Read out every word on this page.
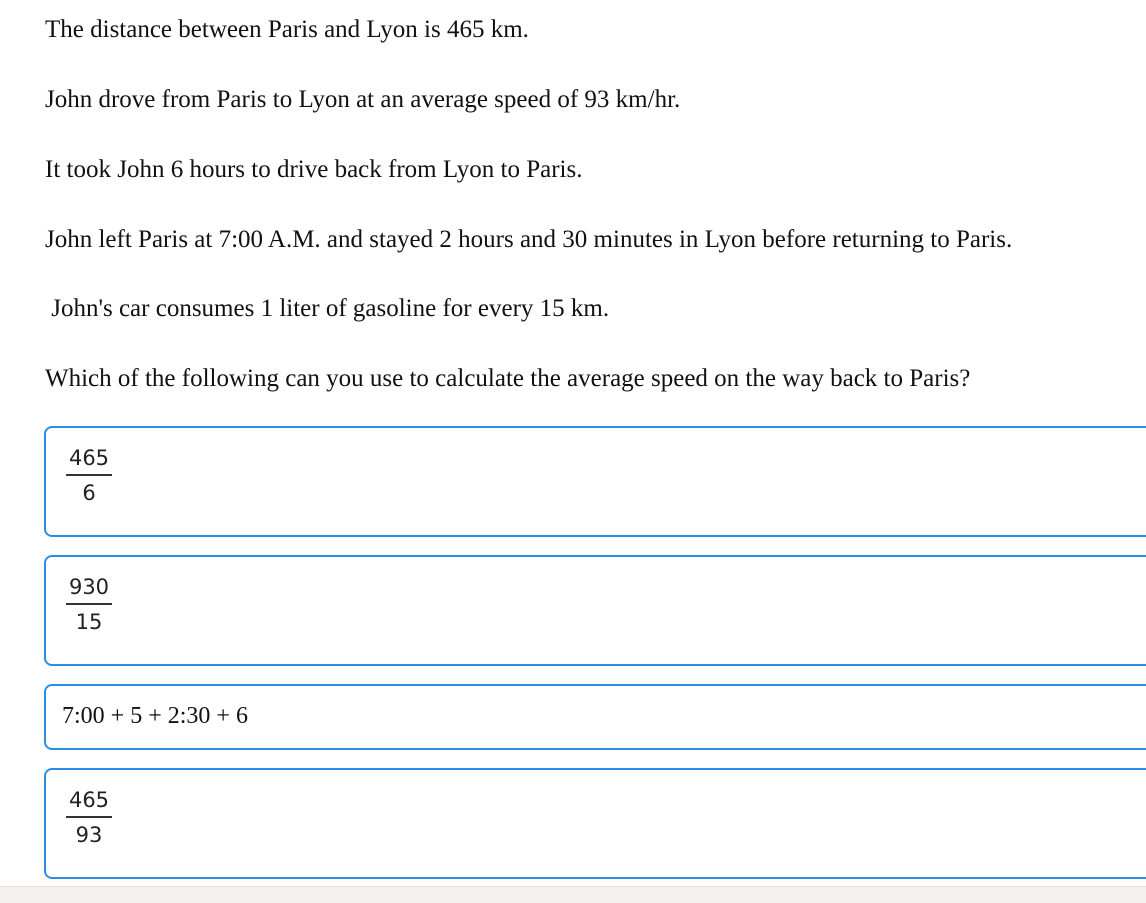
The distance between Paris and Lyon is 465 km.

John drove from Paris to Lyon at an average speed of 93 km/hr.

It took John 6 hours to drive back from Lyon to Paris.

John left Paris at 7:00 A.M. and stayed 2 hours and 30 minutes in Lyon before returning to Paris.

John's car consumes 1 liter of gasoline for every 15 km.

Which of the following can you use to calculate the average speed on the way back to Paris?

$\frac{465}{6}$
$\frac{930}{15}$
7:00 + 5 + 2:30 + 6
$\frac{465}{93}$
